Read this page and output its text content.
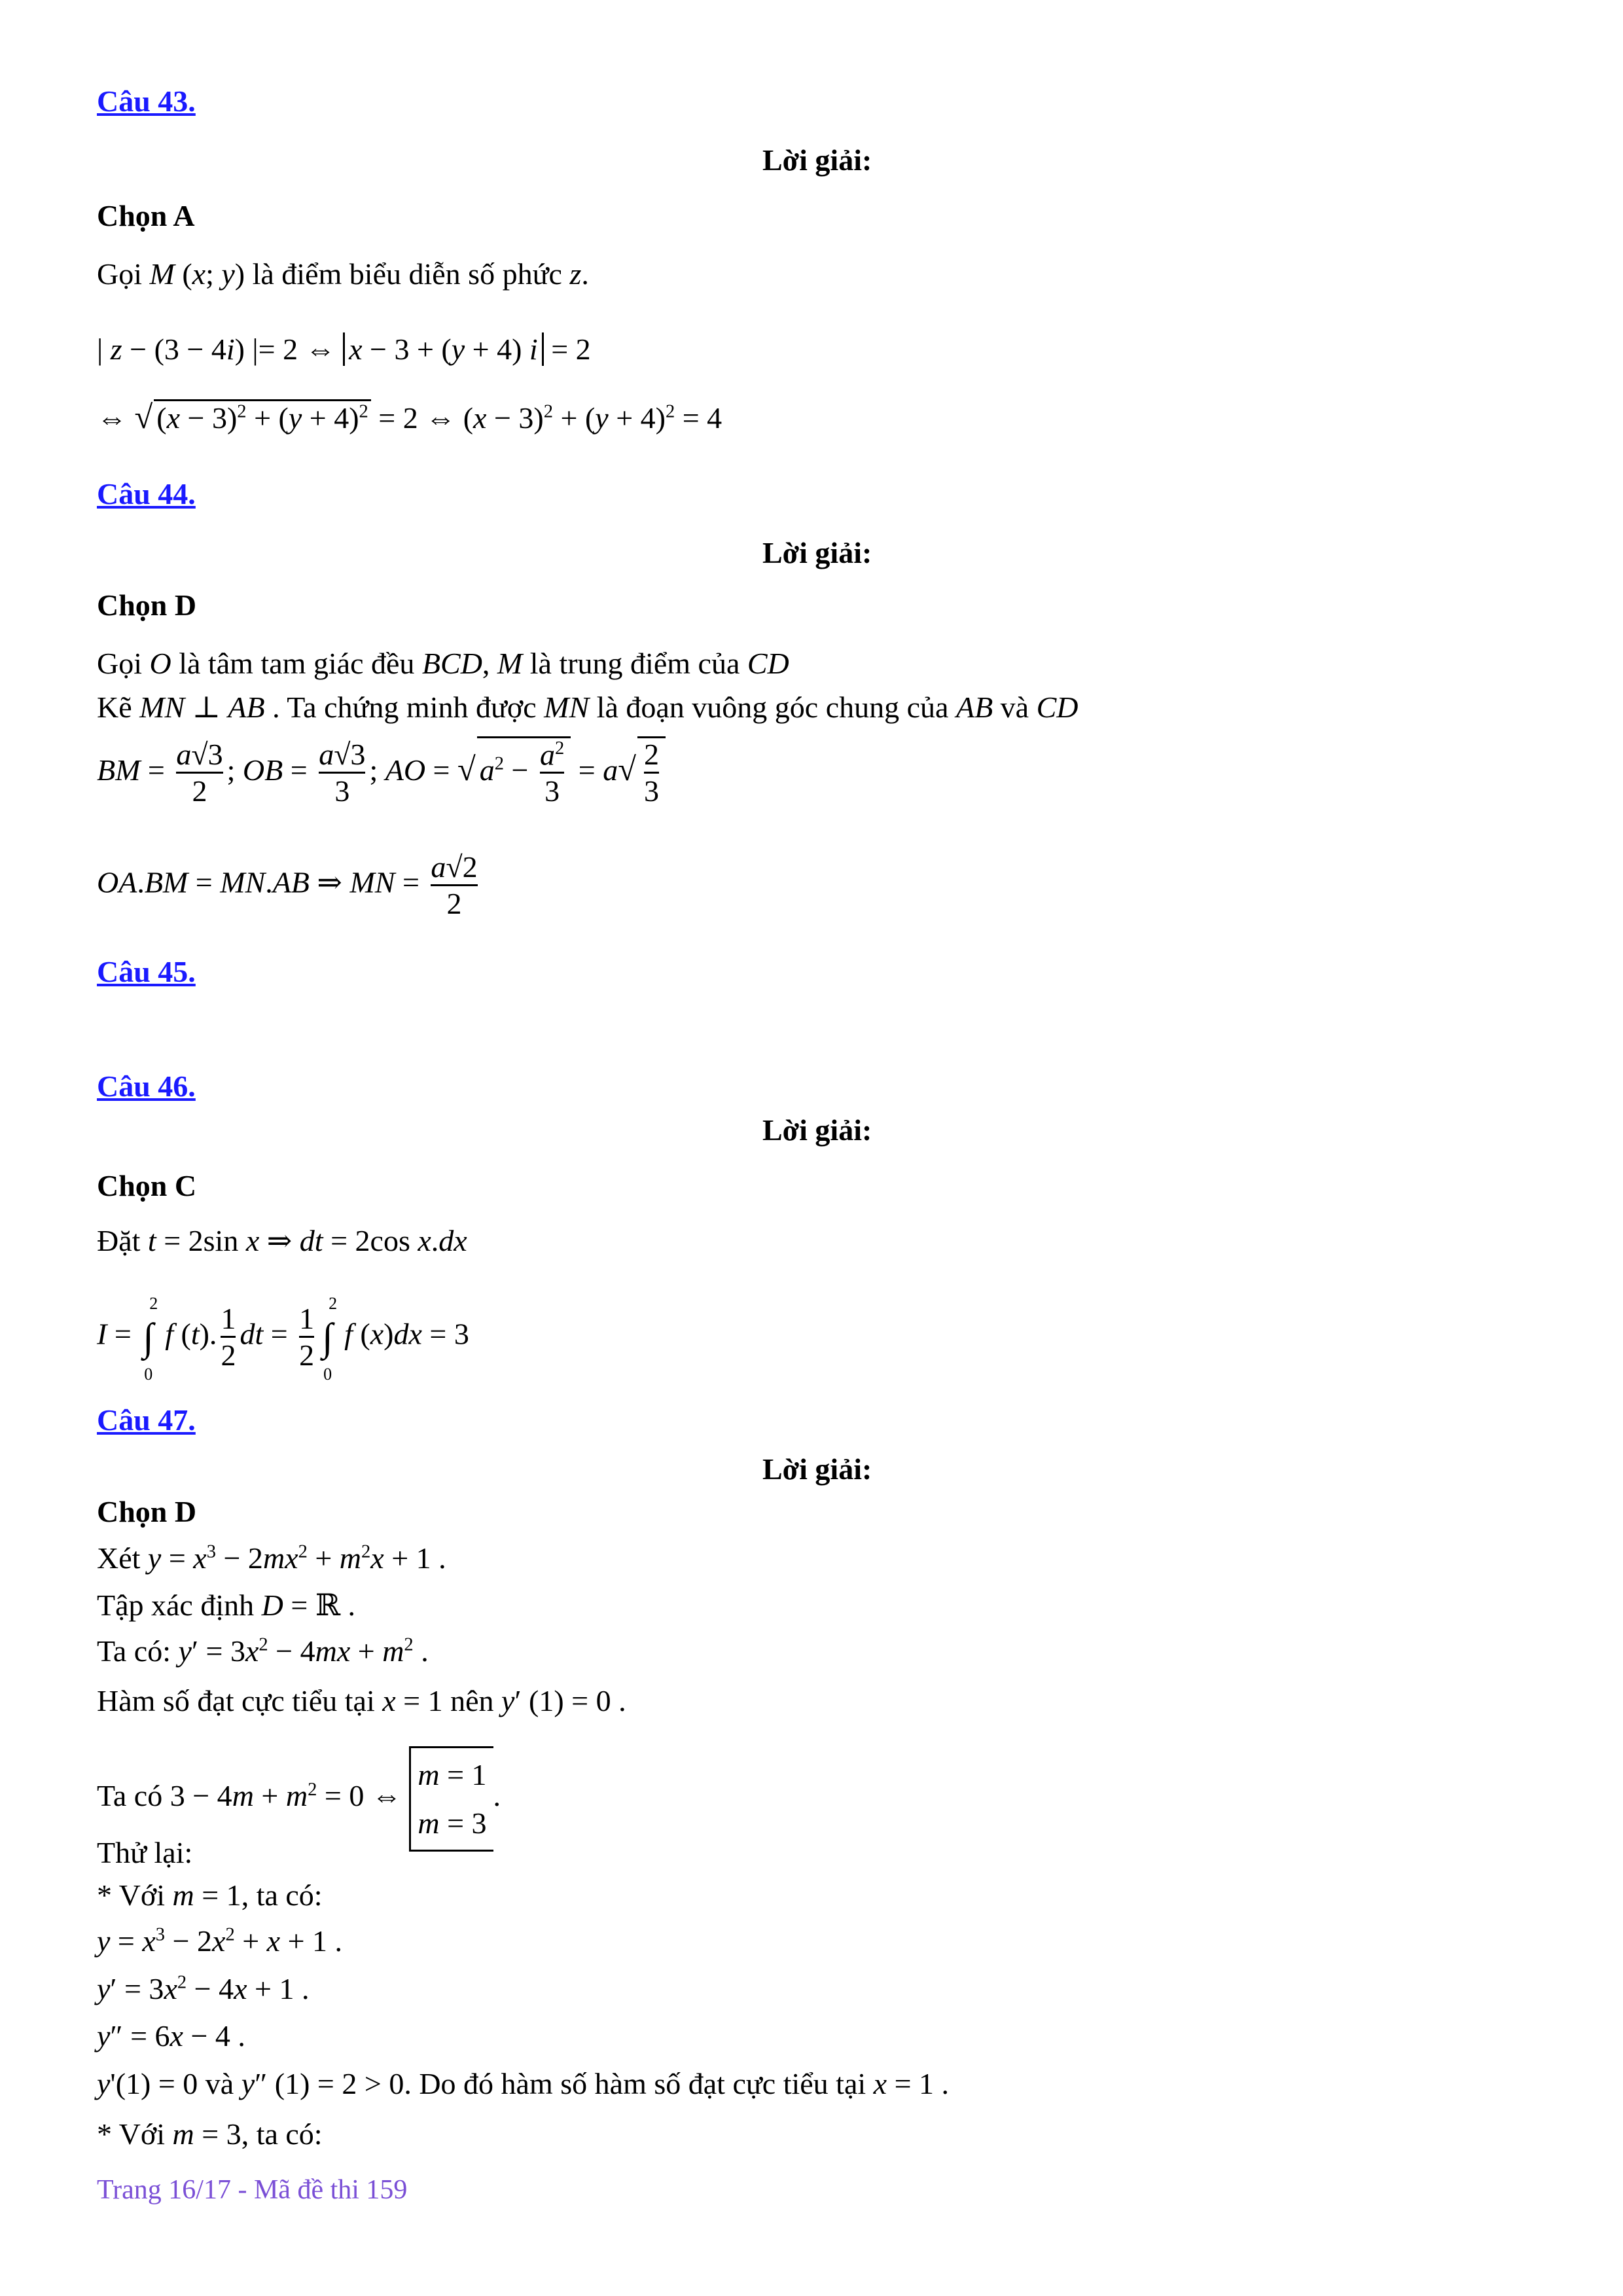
Câu 43.
Lời giải:
Chọn A
Gọi M (x; y) là điểm biểu diễn số phức z.
| z − (3 − 4i) |= 2 ⇔ x − 3 + (y + 4) i = 2
⇔ √ $(x - 3)^2 + (y + 4)^2 = 2$ ⇔ $(x - 3)^2 + (y + 4)^2 = 4$
Câu 44.
Lời giải:
Chọn D
Gọi O là tâm tam giác đều BCD, M là trung điểm của CD
Kẽ MN ⊥ AB . Ta chứng minh được MN là đoạn vuông góc chung của AB và CD
BM = $\frac{a√3}{2}$ ; OB = $\frac{a√3}{3}$ ; AO = √ $a^2 - \frac{a^2}{3} = a√ \frac{2}{3}$
OA.BM = MN.AB ⇒ MN = $\frac{a√2}{2}$
Câu 45.
Câu 46.
Lời giải:
Chọn C
Đặt t = 2sin x ⇒ dt = 2cos x.dx
I = ∫
2
0
f (t). $\frac{1}{2}$ dt = $\frac{1}{2}$ ∫
2
0
f (x)dx = 3
Câu 47.
Lời giải:
Chọn D
Xét $y = x^3 - 2mx^2 + m^2x + 1$ .
Tập xác định D = ℝ .
Ta có: $y' = 3x^2 - 4mx + m^2$ .
Hàm số đạt cực tiểu tại x = 1 nên y′ (1) = 0 .
Ta có $3 - 4m + m^2 = 0$ ⇔ m = 1
m = 3.
Thử lại:
* Với m = 1, ta có:
$y = x^3 - 2x^2 + x + 1$ .
$y' = 3x^2 - 4x + 1$ .
y″ = 6x − 4 .
y'(1) = 0 và y″ (1) = 2 > 0. Do đó hàm số hàm số đạt cực tiểu tại x = 1 .
* Với m = 3, ta có:
Trang 16/17 - Mã đề thi 159
